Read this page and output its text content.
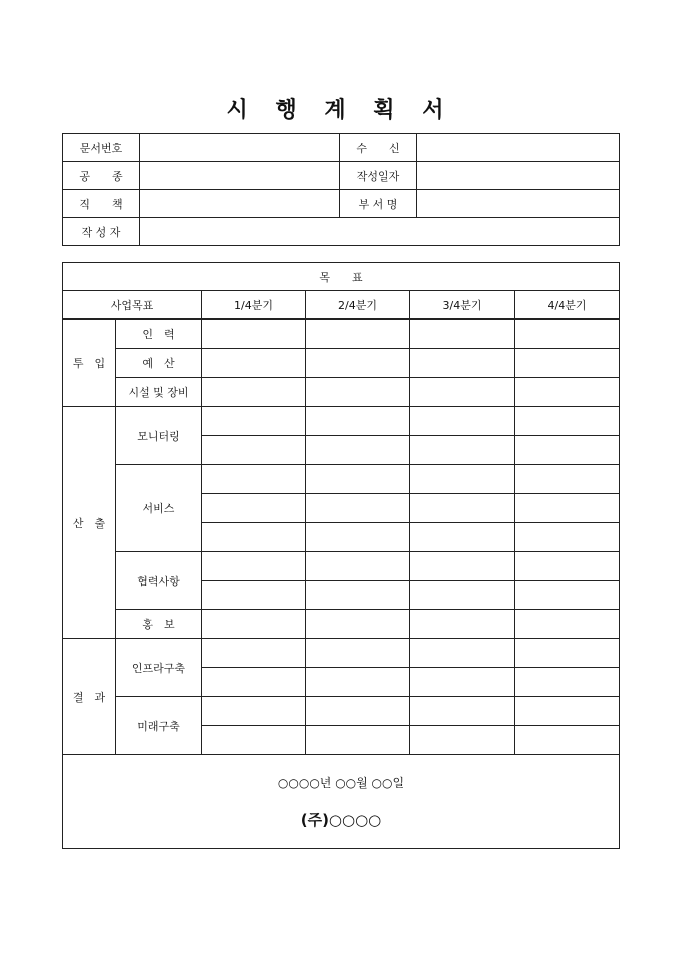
시 행 계 획 서
문서번호		수　　신	
공　　종		작성일자	
직　　책		부 서 명	
작 성 자			
목　　표					
사업목표		1/4분기	2/4분기	3/4분기	4/4분기
투　입	인　력				
	예　산				
	시설 및 장비				
산　출	모니터링				

	서비스				

	협력사항				

	홍　보				
결　과	인프라구축				

	미래구축				

○○○○년 ○○월 ○○일
(주)○○○○					
